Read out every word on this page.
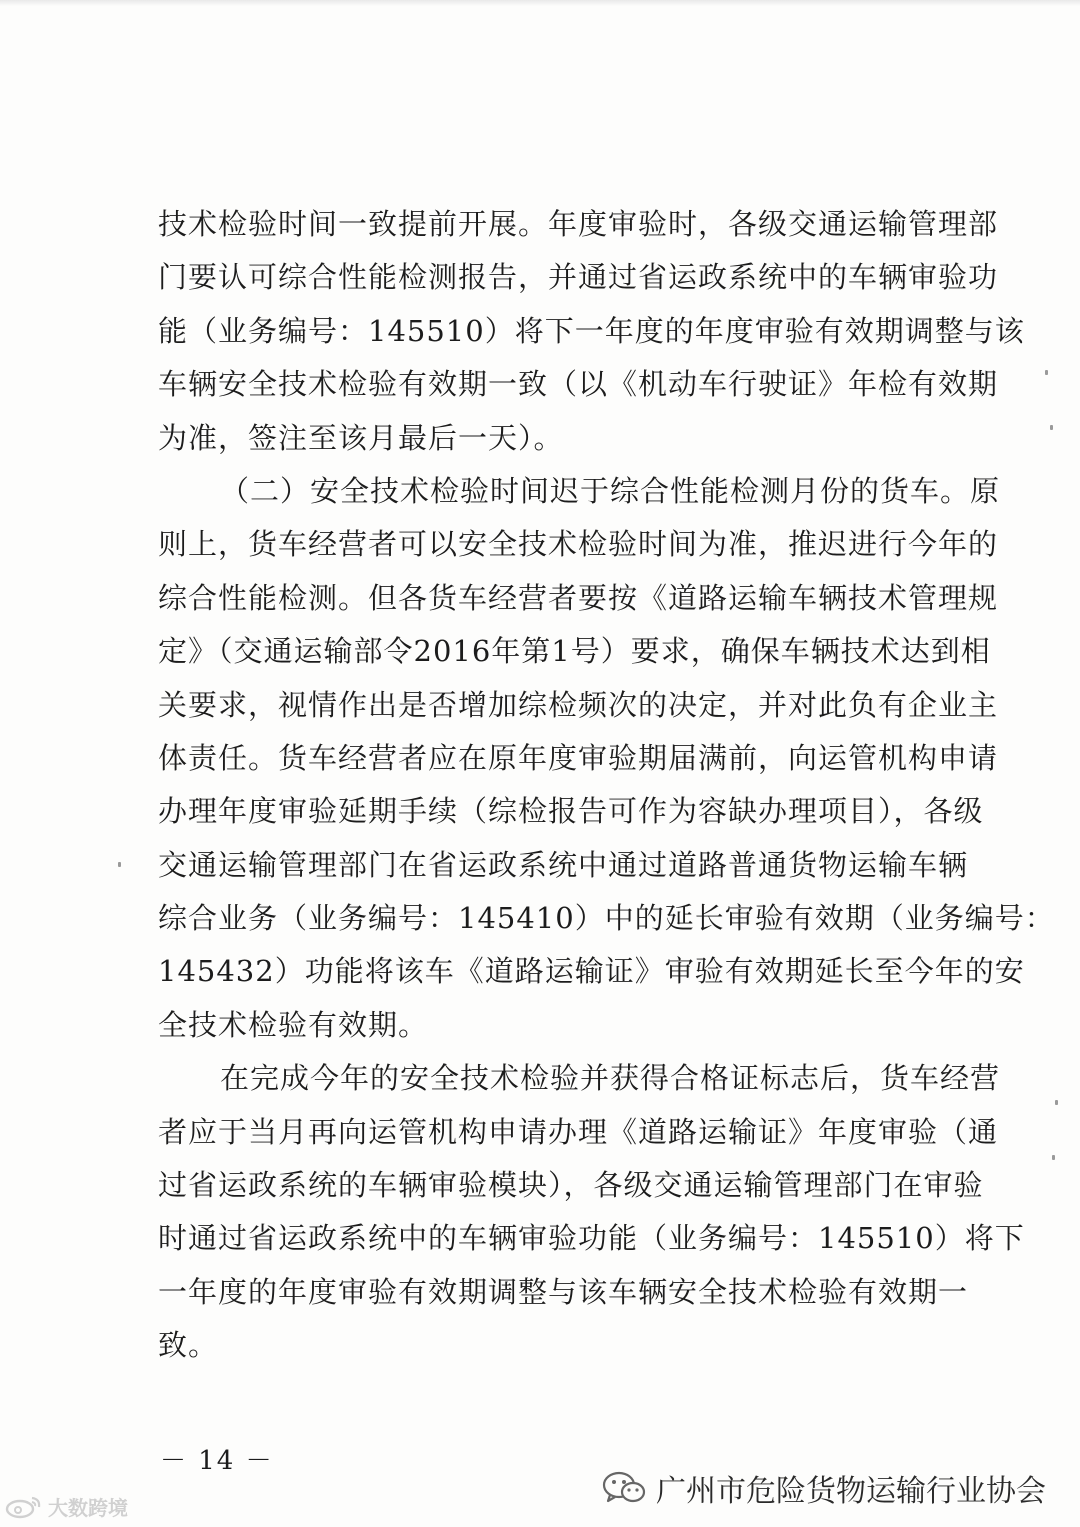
技术检验时间一致提前开展。年度审验时，各级交通运输管理部
门要认可综合性能检测报告，并通过省运政系统中的车辆审验功
能（业务编号：145510）将下一年度的年度审验有效期调整与该
车辆安全技术检验有效期一致（以《机动车行驶证》年检有效期
为准，签注至该月最后一天）。

（二）安全技术检验时间迟于综合性能检测月份的货车。原
则上，货车经营者可以安全技术检验时间为准，推迟进行今年的
综合性能检测。但各货车经营者要按《道路运输车辆技术管理规
定》（交通运输部令2016年第1号）要求，确保车辆技术达到相
关要求，视情作出是否增加综检频次的决定，并对此负有企业主
体责任。货车经营者应在原年度审验期届满前，向运管机构申请
办理年度审验延期手续（综检报告可作为容缺办理项目），各级
交通运输管理部门在省运政系统中通过道路普通货物运输车辆
综合业务（业务编号：145410）中的延长审验有效期（业务编号：
145432）功能将该车《道路运输证》审验有效期延长至今年的安
全技术检验有效期。

在完成今年的安全技术检验并获得合格证标志后，货车经营
者应于当月再向运管机构申请办理《道路运输证》年度审验（通
过省运政系统的车辆审验模块），各级交通运输管理部门在审验
时通过省运政系统中的车辆审验功能（业务编号：145510）将下
一年度的年度审验有效期调整与该车辆安全技术检验有效期一
致。

－ 14 －
广州市危险货物运输行业协会
大数跨境
